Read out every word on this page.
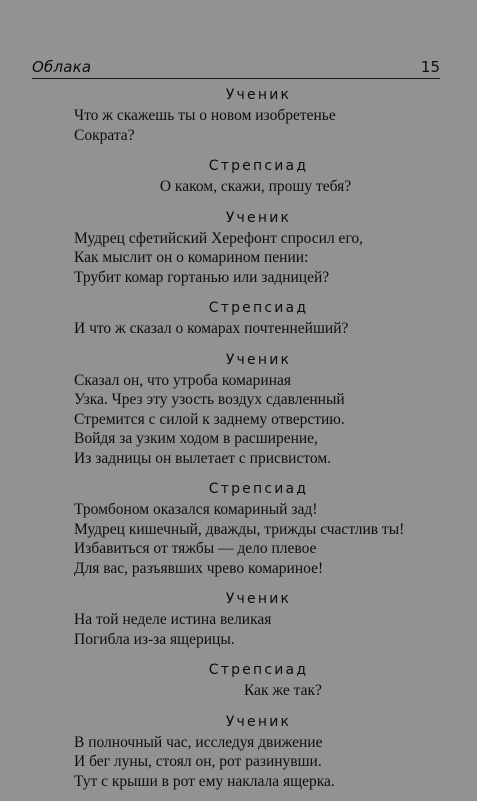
Облака	15
Ученик
Что ж скажешь ты о новом изобретенье
Сократа?
Стрепсиад
О каком, скажи, прошу тебя?
Ученик
Мудрец сфетийский Херефонт спросил его,
Как мыслит он о комарином пении:
Трубит комар гортанью или задницей?
Стрепсиад
И что ж сказал о комарах почтеннейший?
Ученик
Сказал он, что утроба комариная
Узка. Чрез эту узость воздух сдавленный
Стремится с силой к заднему отверстию.
Войдя за узким ходом в расширение,
Из задницы он вылетает с присвистом.
Стрепсиад
Тромбоном оказался комариный зад!
Мудрец кишечный, дважды, трижды счастлив ты!
Избавиться от тяжбы — дело плевое
Для вас, разъявших чрево комариное!
Ученик
На той неделе истина великая
Погибла из-за ящерицы.
Стрепсиад
Как же так?
Ученик
В полночный час, исследуя движение
И бег луны, стоял он, рот разинувши.
Тут с крыши в рот ему наклала ящерка.
